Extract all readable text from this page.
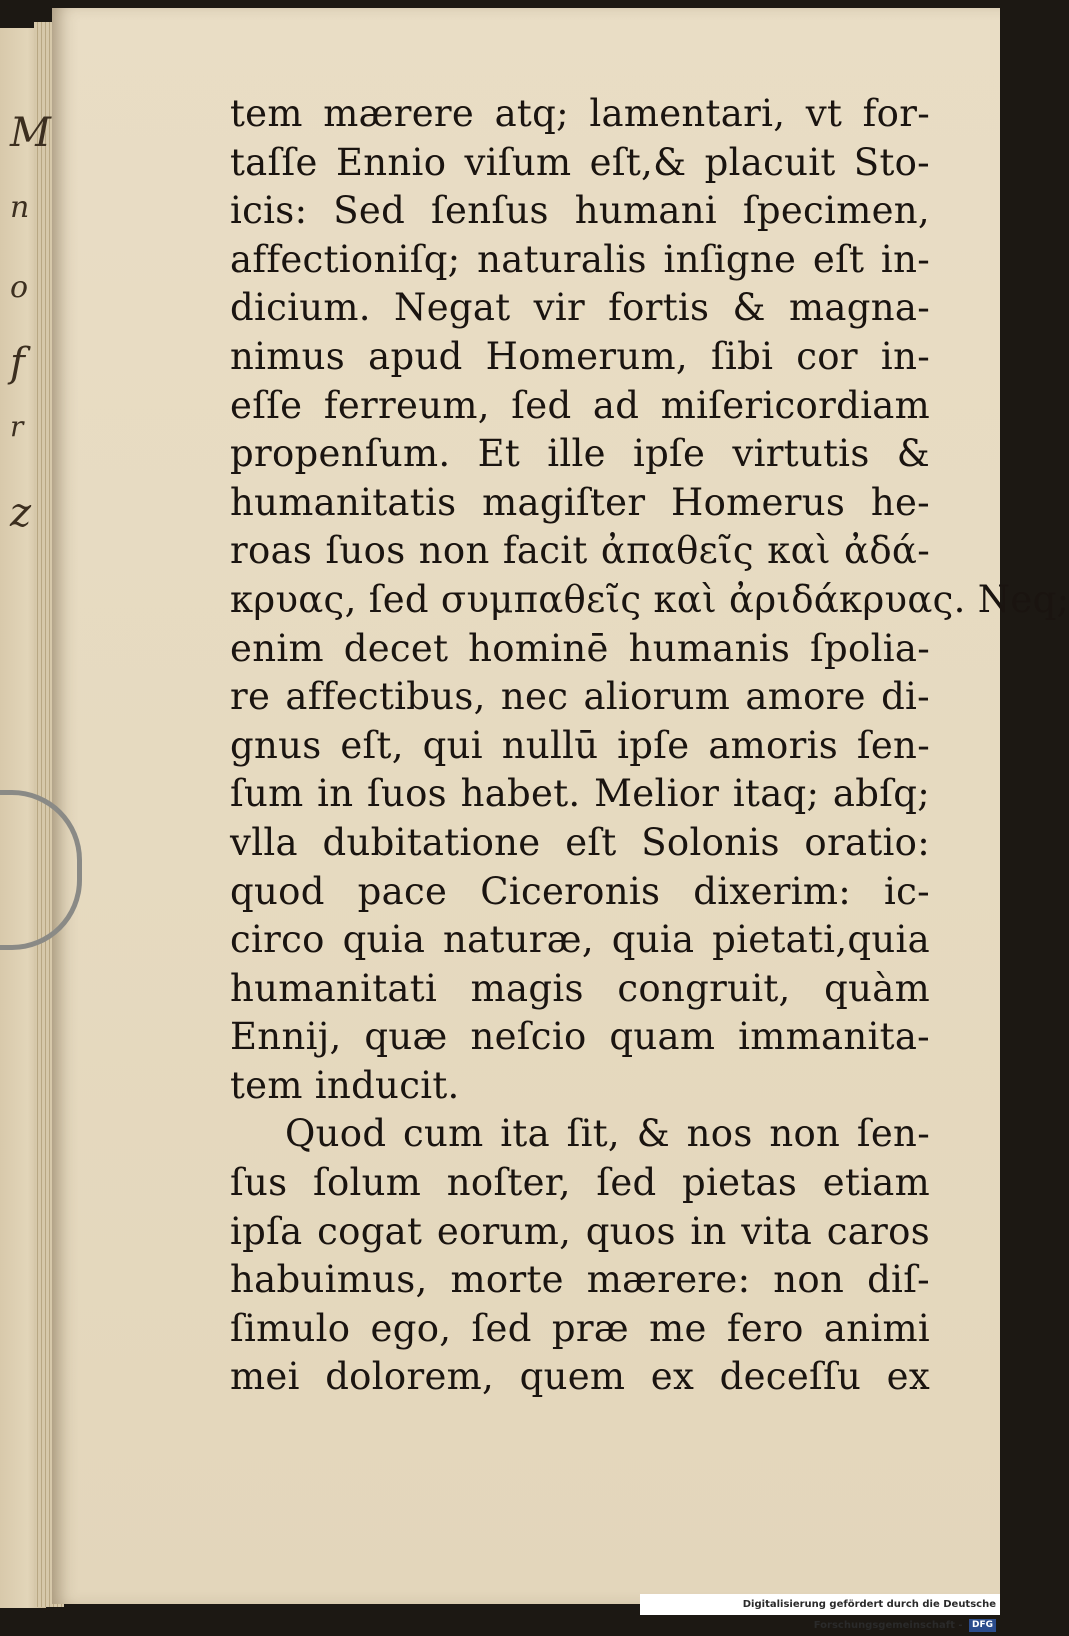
M
n
o
f
r
z
tem mærere atq; lamentari, vt for-
taſſe Ennio viſum eſt,& placuit Sto-
icis: Sed ſenſus humani ſpecimen,
affectioniſq; naturalis inſigne eſt in-
dicium. Negat vir fortis & magna-
nimus apud Homerum, ſibi cor in-
eſſe ferreum, ſed ad miſericordiam
propenſum. Et ille ipſe virtutis &
humanitatis magiſter Homerus he-
roas ſuos non facit ἀπαθεῖς καὶ ἀδά-
κρυας, ſed συμπαθεῖς καὶ ἀριδάκρυας. Neq;
enim decet hominē humanis ſpolia-
re affectibus, nec aliorum amore di-
gnus eſt, qui nullū ipſe amoris ſen-
ſum in ſuos habet. Melior itaq; abſq;
vlla dubitatione eſt Solonis oratio:
quod pace Ciceronis dixerim: ic-
circo quia naturæ, quia pietati,quia
humanitati magis congruit, quàm
Ennij, quæ neſcio quam immanita-
tem inducit.
Quod cum ita ſit, & nos non ſen-
ſus ſolum noſter, ſed pietas etiam
ipſa cogat eorum, quos in vita caros
habuimus, morte mærere: non diſ-
ſimulo ego, ſed præ me fero animi
mei dolorem, quem ex deceſſu ex
Digitalisierung gefördert durch die Deutsche Forschungsgemeinschaft - DFG
